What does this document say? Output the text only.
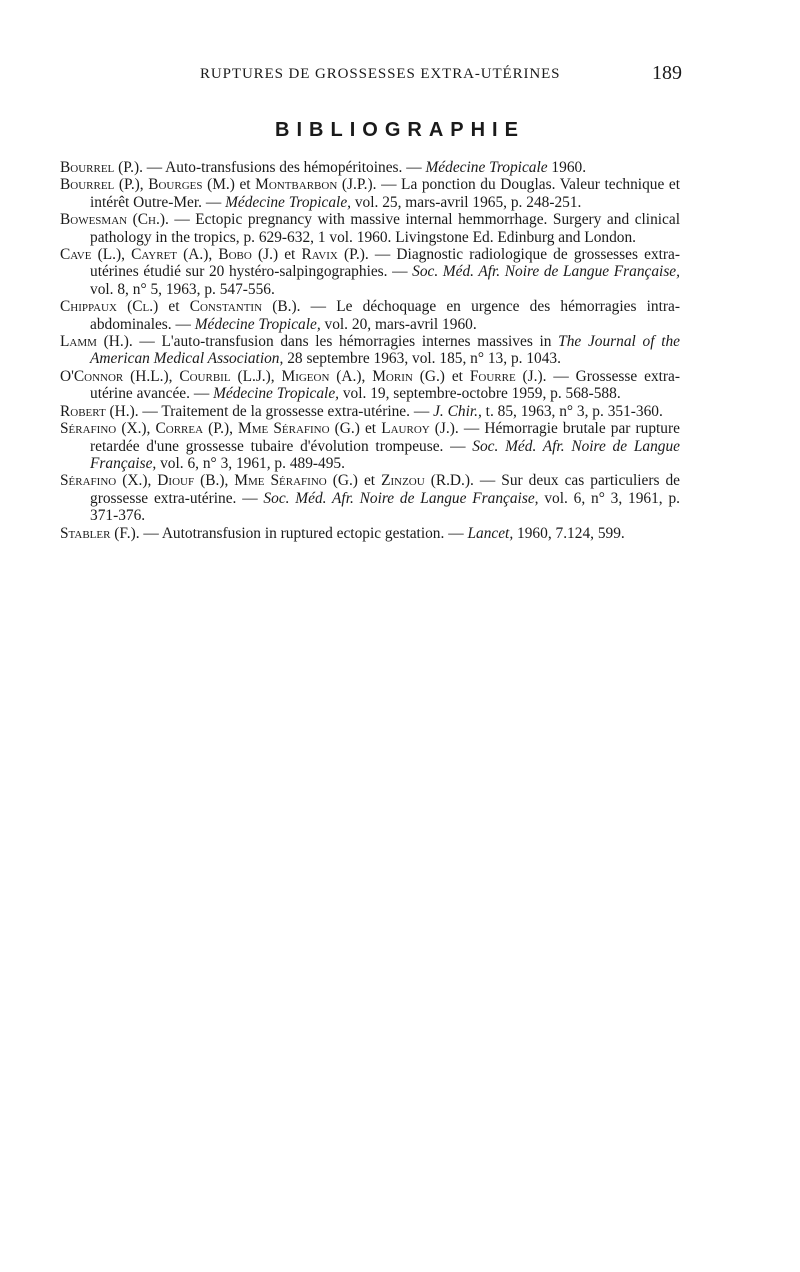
RUPTURES DE GROSSESSES EXTRA-UTÉRINES	189
BIBLIOGRAPHIE
Bourrel (P.). — Auto-transfusions des hémopéritoines. — Médecine Tropicale 1960.
Bourrel (P.), Bourges (M.) et Montbarbon (J.P.). — La ponction du Douglas. Valeur technique et intérêt Outre-Mer. — Médecine Tropicale, vol. 25, mars-avril 1965, p. 248-251.
Bowesman (Ch.). — Ectopic pregnancy with massive internal hemmorrhage. Surgery and clinical pathology in the tropics, p. 629-632, 1 vol. 1960. Livingstone Ed. Edinburg and London.
Cave (L.), Cayret (A.), Bobo (J.) et Ravix (P.). — Diagnostic radiologique de grossesses extra-utérines étudié sur 20 hystéro-salpingographies. — Soc. Méd. Afr. Noire de Langue Française, vol. 8, n° 5, 1963, p. 547-556.
Chippaux (Cl.) et Constantin (B.). — Le déchoquage en urgence des hémorragies intra-abdominales. — Médecine Tropicale, vol. 20, mars-avril 1960.
Lamm (H.). — L'auto-transfusion dans les hémorragies internes massives in The Journal of the American Medical Association, 28 septembre 1963, vol. 185, n° 13, p. 1043.
O'Connor (H.L.), Courbil (L.J.), Migeon (A.), Morin (G.) et Fourre (J.). — Grossesse extra-utérine avancée. — Médecine Tropicale, vol. 19, septembre-octobre 1959, p. 568-588.
Robert (H.). — Traitement de la grossesse extra-utérine. — J. Chir., t. 85, 1963, n° 3, p. 351-360.
Sérafino (X.), Correa (P.), Mme Sérafino (G.) et Lauroy (J.). — Hémorragie brutale par rupture retardée d'une grossesse tubaire d'évolution trompeuse. — Soc. Méd. Afr. Noire de Langue Française, vol. 6, n° 3, 1961, p. 489-495.
Sérafino (X.), Diouf (B.), Mme Sérafino (G.) et Zinzou (R.D.). — Sur deux cas particuliers de grossesse extra-utérine. — Soc. Méd. Afr. Noire de Langue Française, vol. 6, n° 3, 1961, p. 371-376.
Stabler (F.). — Autotransfusion in ruptured ectopic gestation. — Lancet, 1960, 7.124, 599.
